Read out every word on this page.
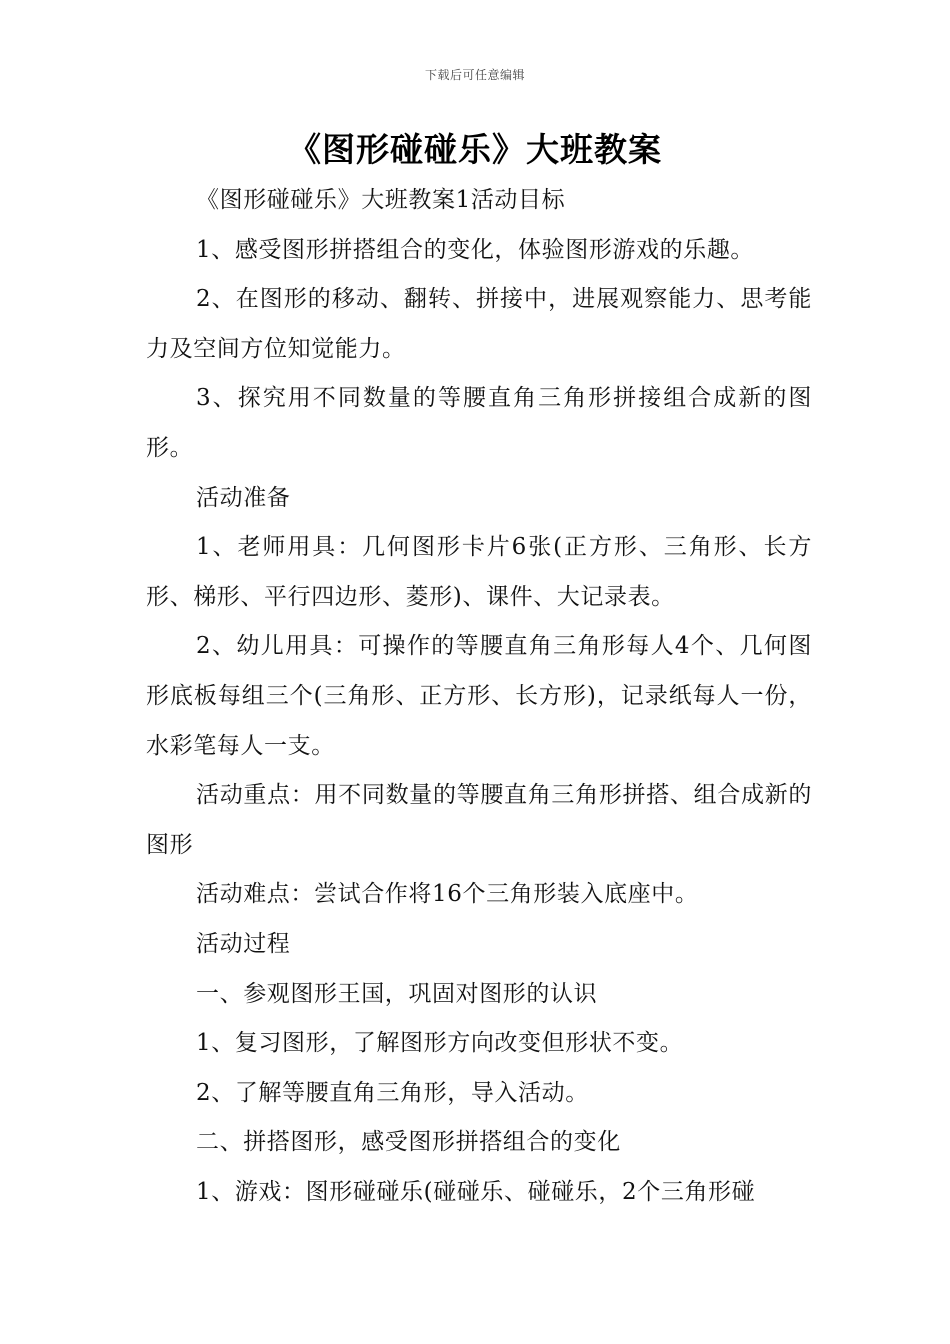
下载后可任意编辑
《图形碰碰乐》大班教案

《图形碰碰乐》大班教案1活动目标

1、感受图形拼搭组合的变化，体验图形游戏的乐趣。

2、在图形的移动、翻转、拼接中，进展观察能力、思考能力及空间方位知觉能力。

3、探究用不同数量的等腰直角三角形拼接组合成新的图形。

活动准备

1、老师用具：几何图形卡片6张(正方形、三角形、长方形、梯形、平行四边形、菱形)、课件、大记录表。

2、幼儿用具：可操作的等腰直角三角形每人4个、几何图形底板每组三个(三角形、正方形、长方形)，记录纸每人一份，水彩笔每人一支。

活动重点：用不同数量的等腰直角三角形拼搭、组合成新的图形

活动难点：尝试合作将16个三角形装入底座中。

活动过程

一、参观图形王国，巩固对图形的认识

1、复习图形，了解图形方向改变但形状不变。

2、了解等腰直角三角形，导入活动。

二、拼搭图形，感受图形拼搭组合的变化

1、游戏：图形碰碰乐(碰碰乐、碰碰乐，2个三角形碰
